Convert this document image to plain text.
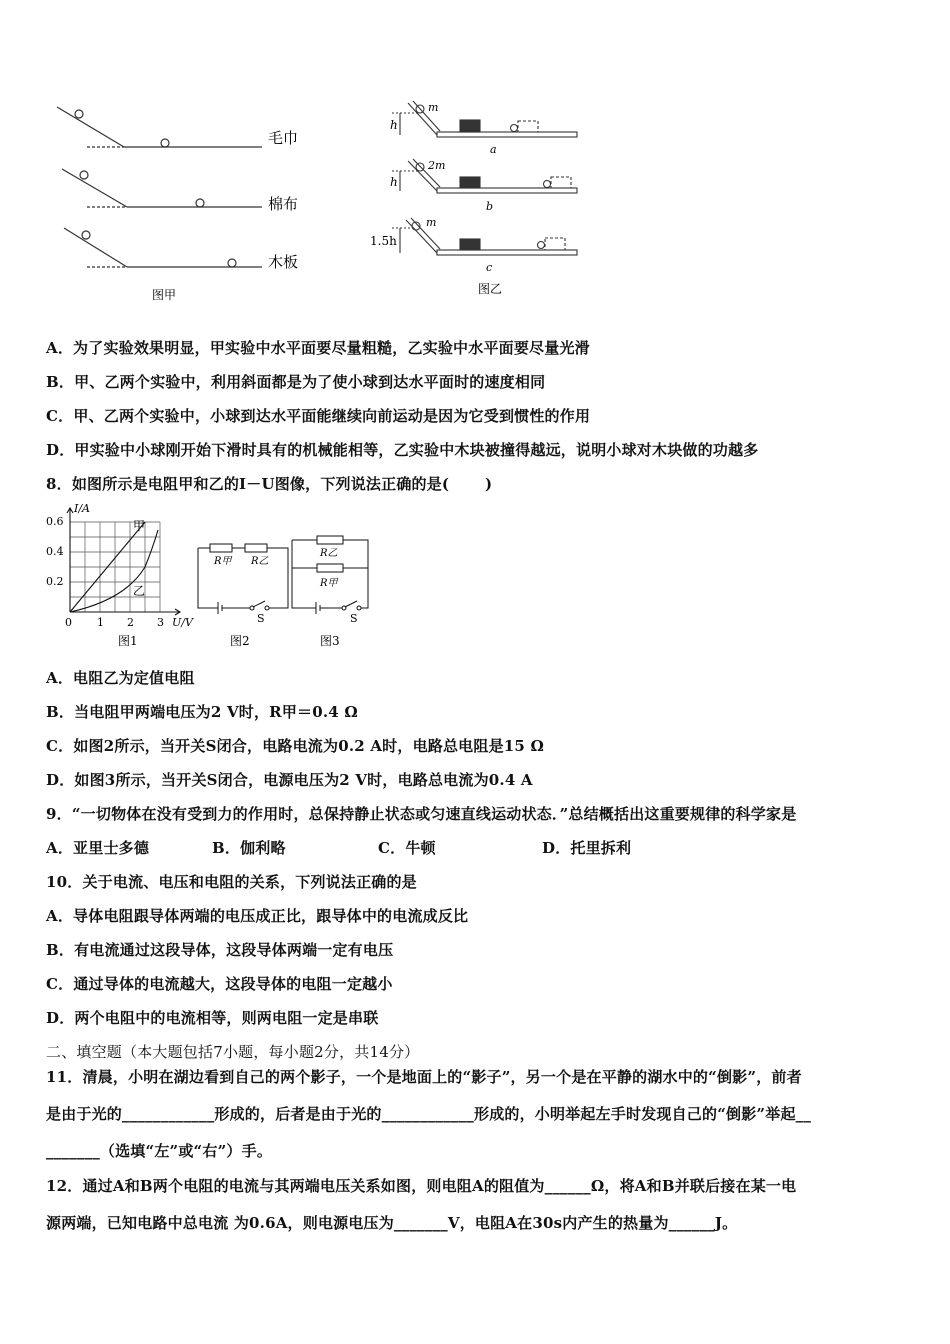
毛巾
棉布
木板
图甲
m
2m
m
h
h
1.5h
a
b
c
图乙
A．为了实验效果明显，甲实验中水平面要尽量粗糙，乙实验中水平面要尽量光滑
B．甲、乙两个实验中，利用斜面都是为了使小球到达水平面时的速度相同
C．甲、乙两个实验中，小球到达水平面能继续向前运动是因为它受到惯性的作用
D．甲实验中小球刚开始下滑时具有的机械能相等，乙实验中木块被撞得越远，说明小球对木块做的功越多
8．如图所示是电阻甲和乙的I－U图像，下列说法正确的是(　　 )
I/A
0.6
0.4
0.2
0 1 2 3 U/V
甲
乙
图1
R甲 R乙
S
图2
R乙
R甲
S
图3
A．电阻乙为定值电阻
B．当电阻甲两端电压为2 V时，R甲＝0.4 Ω
C．如图2所示，当开关S闭合，电路电流为0.2 A时，电路总电阻是15 Ω
D．如图3所示，当开关S闭合，电源电压为2 V时，电路总电流为0.4 A
9．“一切物体在没有受到力的作用时，总保持静止状态或匀速直线运动状态．”总结概括出这重要规律的科学家是
A．亚里士多德	B．伽利略	C．牛顿	D．托里拆利
10．关于电流、电压和电阻的关系，下列说法正确的是
A．导体电阻跟导体两端的电压成正比，跟导体中的电流成反比
B．有电流通过这段导体，这段导体两端一定有电压
C．通过导体的电流越大，这段导体的电阻一定越小
D．两个电阻中的电流相等，则两电阻一定是串联
二、填空题（本大题包括7小题，每小题2分，共14分）
11．清晨，小明在湖边看到自己的两个影子，一个是地面上的“影子”，另一个是在平静的湖水中的“倒影”，前者
是由于光的____________形成的，后者是由于光的____________形成的，小明举起左手时发现自己的“倒影”举起__
_______（选填“左”或“右”）手。
12．通过A和B两个电阻的电流与其两端电压关系如图，则电阻A的阻值为______Ω，将A和B并联后接在某一电
源两端，已知电路中总电流 为0.6A，则电源电压为_______V，电阻A在30s内产生的热量为______J。
